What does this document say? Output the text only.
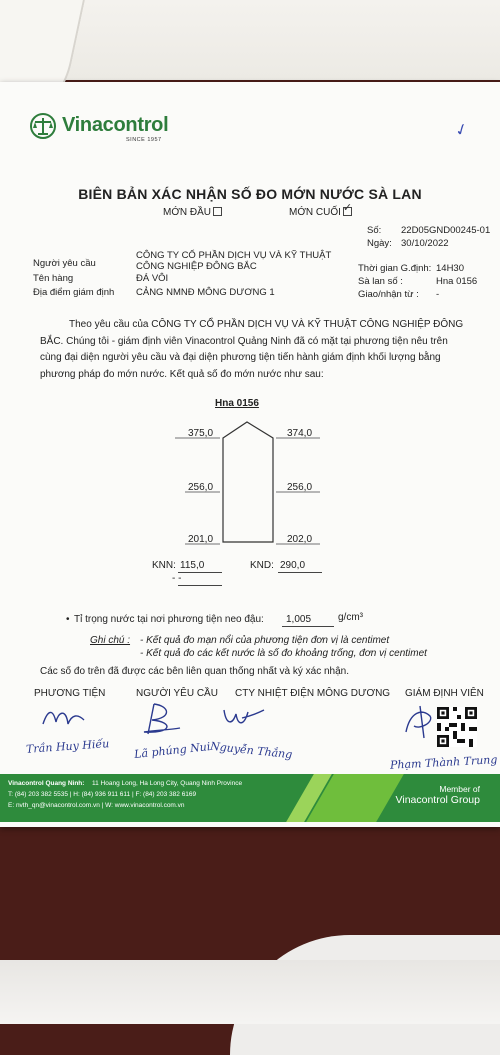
Vinacontrol
SINCE 1957	✓
BIÊN BẢN XÁC NHẬN SỐ ĐO MỚN NƯỚC SÀ LAN
MỚN ĐẦU	MỚN CUỐI✓
Số: 22D05GND00245-01
Ngày: 30/10/2022
Thời gian G.định: 14H30
Sà lan số :	Hna 0156
Giao/nhận từ : -
CÔNG TY CỔ PHẦN DỊCH VỤ VÀ KỸ THUẬT
Người yêu cầu	CÔNG NGHIỆP ĐÔNG BẮC
Tên hàng	ĐÁ VÔI
Địa điểm giám định CẢNG NMNĐ MÔNG DƯƠNG 1
Theo yêu cầu của CÔNG TY CỔ PHẦN DỊCH VỤ VÀ KỸ THUẬT CÔNG NGHIỆP ĐÔNG BẮC. Chúng tôi - giám định viên Vinacontrol Quảng Ninh đã có mặt tại phương tiện nêu trên cùng đại diện người yêu cầu và đại diện phương tiện tiến hành giám định khối lượng bằng phương pháp đo mớn nước. Kết quả số đo mớn nước như sau:
Hna 0156
375,0	374,0
256,0	256,0
201,0	202,0
KNN: 115,0	KND: 290,0
- -
• Tỉ trọng nước tại nơi phương tiện neo đậu: 1,005	g/cm³
Ghi chú : - Kết quả đo mạn nổi của phương tiện đơn vị là centimet
- Kết quả đo các kết nước là số đo khoảng trống, đơn vị centimet
Các số đo trên đã được các bên liên quan thống nhất và ký xác nhận.
PHƯƠNG TIỆN	NGƯỜI YÊU CẦU CTY NHIỆT ĐIỆN MÔNG DƯƠNG GIÁM ĐỊNH VIÊN
Trần Huy Hiếu Lã phúng Nui
Nguyễn Thắng
Phạm Thành Trung
Vinacontrol Quang Ninh: 11 Hoang Long, Ha Long City, Quang Ninh Province
T: (84) 203 382 5535 | H: (84) 936 911 611 | F: (84) 203 382 6169
E: nvth_qn@vinacontrol.com.vn | W: www.vinacontrol.com.vn
Member of
Vinacontrol Group
